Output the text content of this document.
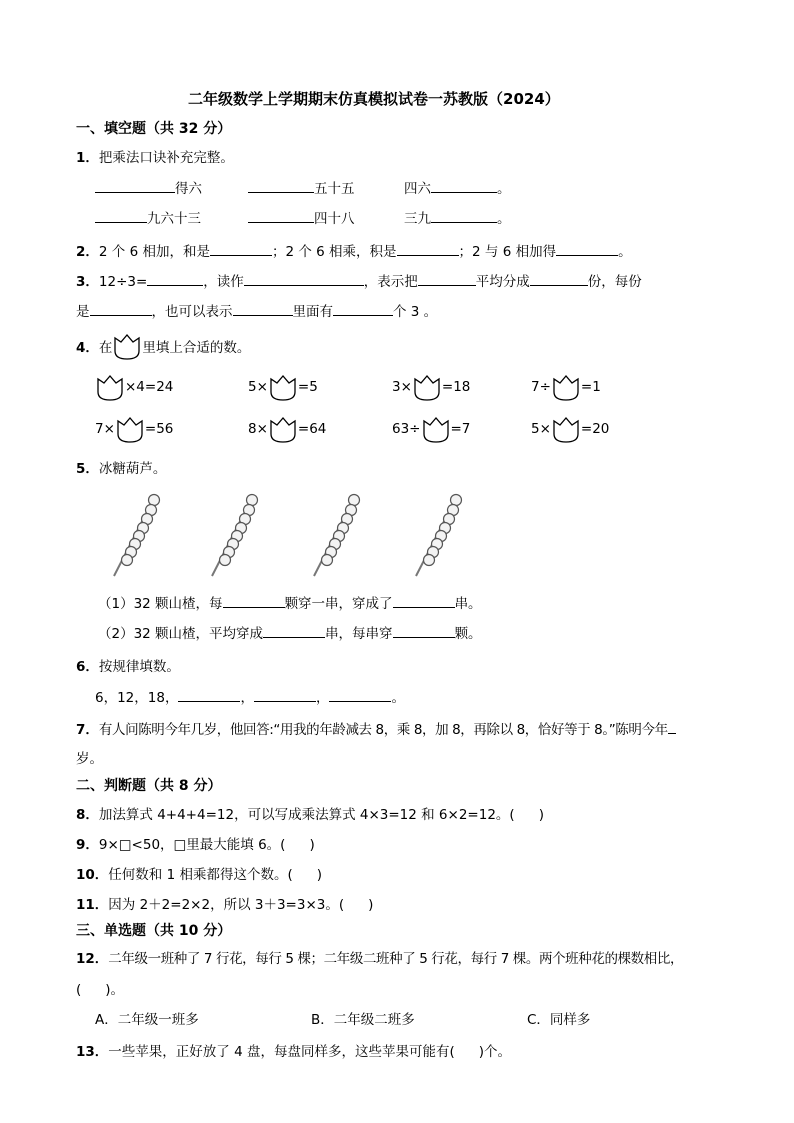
二年级数学上学期期末仿真模拟试卷一苏教版（2024）
一、填空题（共 32 分）
1．把乘法口诀补充完整。
得六	五十五	四六	。
九六十三	四十八	三九	。
2．2 个 6 相加，和是	；2 个 6 相乘，积是	；2 与 6 相加得	。
3．12÷3=	，读作	，表示把	平均分成	份，每份
是	，也可以表示	里面有	个 3 。
4． 在 里填上合适的数。
×4=24	5× =5	3× =18	7÷ =1
7× =56	8× =64	63÷ =7	5× =20
5．冰糖葫芦。
（1）32 颗山楂，每	颗穿一串，穿成了	串。
（2）32 颗山楂，平均穿成	串，每串穿	颗。
6．按规律填数。
6，12，18，	，	，	。
7．有人问陈明今年几岁，他回答:“用我的年龄减去 8，乘 8，加 8，再除以 8，恰好等于 8。”陈明今年
岁。
二、判断题（共 8 分）
8．加法算式 4+4+4=12，可以写成乘法算式 4×3=12 和 6×2=12。( )
9．9×□<50，□里最大能填 6。( )
10．任何数和 1 相乘都得这个数。( )
11．因为 2＋2=2×2，所以 3＋3=3×3。( )
三、单选题（共 10 分）
12．二年级一班种了 7 行花，每行 5 棵；二年级二班种了 5 行花，每行 7 棵。两个班种花的棵数相比，
( )。
A．二年级一班多	B．二年级二班多	C．同样多
13．一些苹果，正好放了 4 盘，每盘同样多，这些苹果可能有( )个。
